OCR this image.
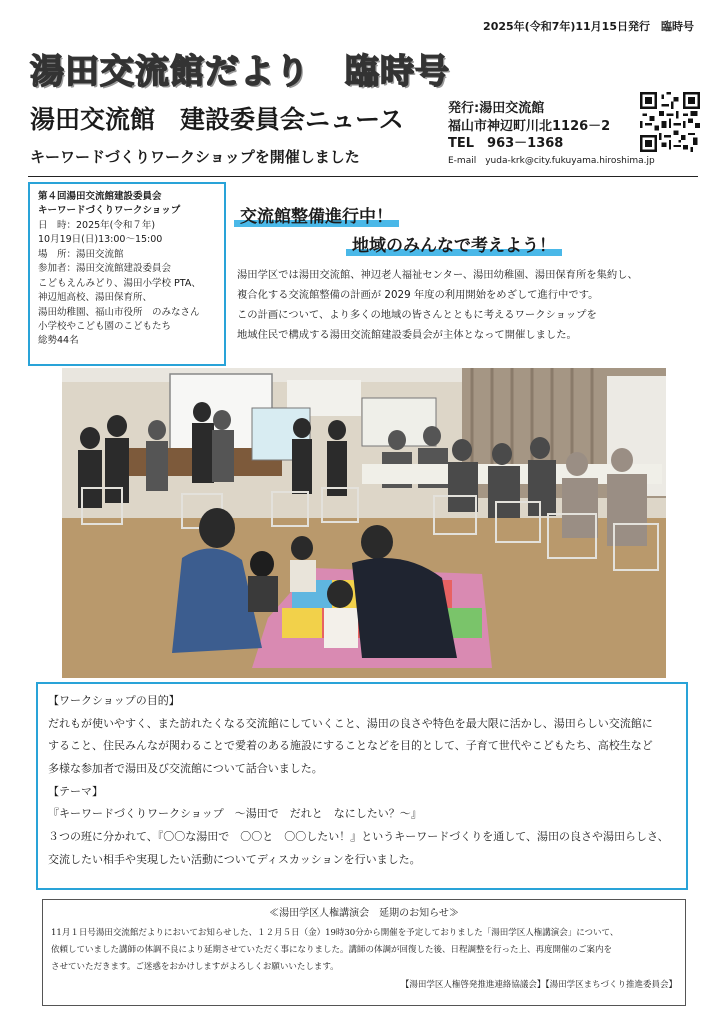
2025年(令和7年)11月15日発行　臨時号
湯田交流館だより　臨時号
湯田交流館　建設委員会ニュース
キーワードづくりワークショップを開催しました
発行:湯田交流館
福山市神辺町川北1126－2
TEL　963－1368
E-mail　yuda-krk@city.fukuyama.hiroshima.jp
第４回湯田交流館建設委員会
キーワードづくりワークショップ
日　時：2025年(令和７年)
10月19日(日)13:00～15:00
場　所：湯田交流館
参加者：湯田交流館建設委員会
こどもえんみどり、湯田小学校 PTA、
神辺旭高校、湯田保育所、
湯田幼稚園、福山市役所　のみなさん
小学校やこども園のこどもたち
総勢44名
交流館整備進行中！
地域のみんなで考えよう！
湯田学区では湯田交流館、神辺老人福祉センター、湯田幼稚園、湯田保育所を集約し、
複合化する交流館整備の計画が 2029 年度の利用開始をめざして進行中です。
この計画について、より多くの地域の皆さんとともに考えるワークショップを
地域住民で構成する湯田交流館建設委員会が主体となって開催しました。
【ワークショップの目的】
だれもが使いやすく、また訪れたくなる交流館にしていくこと、湯田の良さや特色を最大限に活かし、湯田らしい交流館に
すること、住民みんなが関わることで愛着のある施設にすることなどを目的として、子育て世代やこどもたち、高校生など
多様な参加者で湯田及び交流館について話合いました。
【テーマ】
『キーワードづくりワークショップ　～湯田で　だれと　なにしたい？～』
３つの班に分かれて、『〇〇な湯田で　〇〇と　〇〇したい！』というキーワードづくりを通して、湯田の良さや湯田らしさ、
交流したい相手や実現したい活動についてディスカッションを行いました。
≪湯田学区人権講演会　延期のお知らせ≫
11月１日号湯田交流館だよりにおいてお知らせした、１２月５日（金）19時30分から開催を予定しておりました「湯田学区人権講演会」について、
依頼していました講師の体調不良により延期させていただく事になりました。講師の体調が回復した後、日程調整を行った上、再度開催のご案内を
させていただきます。ご迷惑をおかけしますがよろしくお願いいたします。
【湯田学区人権啓発推進連絡協議会】【湯田学区まちづくり推進委員会】
